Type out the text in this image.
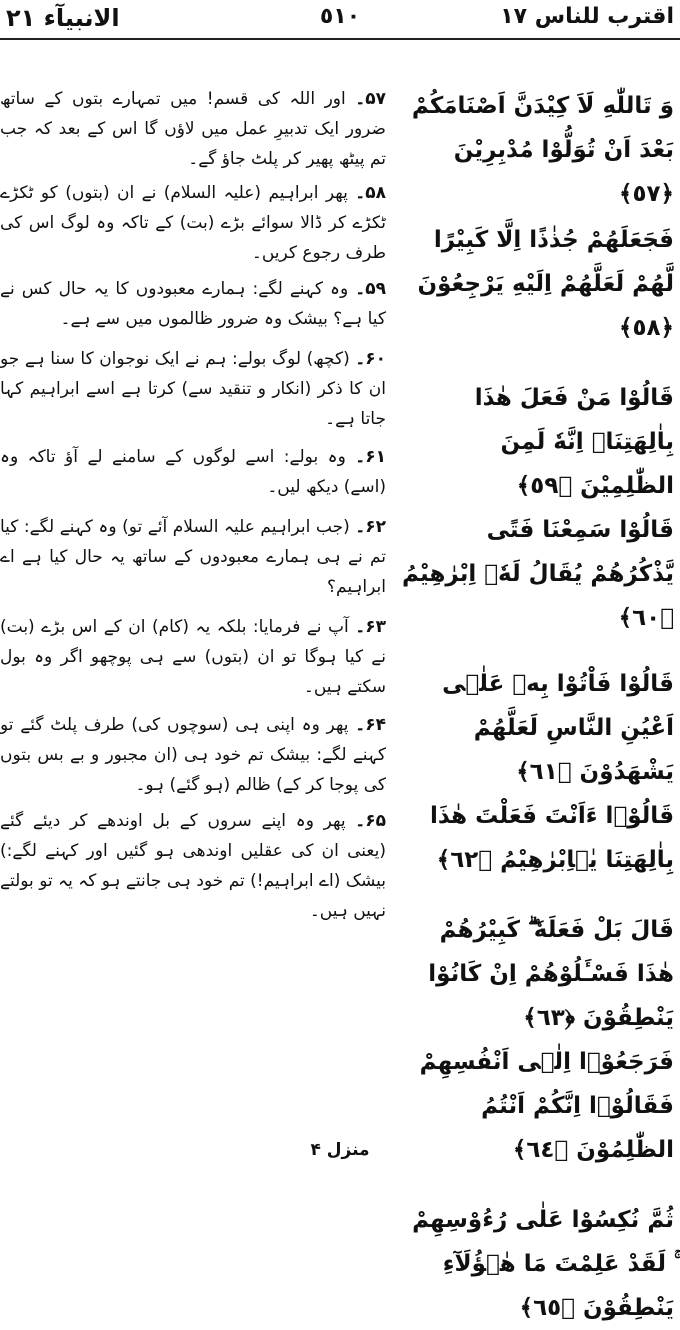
اقترب للناس ١٧
٥١٠
الانبيآء ٢١

وَ تَاللّٰهِ لَاَ كِيْدَنَّ اَصْنَامَكُمْ بَعْدَ اَنْ تُوَلُّوْا مُدْبِرِيْنَ ﴿٥٧﴾

فَجَعَلَهُمْ جُذٰذًا اِلَّا كَبِيْرًا لَّهُمْ لَعَلَّهُمْ اِلَيْهِ يَرْجِعُوْنَ ﴿٥٨﴾

قَالُوْا مَنْ فَعَلَ هٰذَا بِاٰلِهَتِنَاۤ اِنَّهٗ لَمِنَ الظّٰلِمِيْنَ ﴿٥٩﴾

قَالُوْا سَمِعْنَا فَتًى يَّذْكُرُهُمْ يُقَالُ لَهٗۤ اِبْرٰهِيْمُ ﴿٦٠﴾

قَالُوْا فَاْتُوْا بِهٖ عَلٰۤى اَعْيُنِ النَّاسِ لَعَلَّهُمْ يَشْهَدُوْنَ ﴿٦١﴾

قَالُوْۤا ءَاَنْتَ فَعَلْتَ هٰذَا بِاٰلِهَتِنَا يٰۤاِبْرٰهِيْمُ ﴿٦٢﴾

قَالَ بَلْ فَعَلَهٗ ۖۗ كَبِيْرُهُمْ هٰذَا فَسْـَٔلُوْهُمْ اِنْ كَانُوْا يَنْطِقُوْنَ ﴿٦٣﴾

فَرَجَعُوْۤا اِلٰۤى اَنْفُسِهِمْ فَقَالُوْۤا اِنَّكُمْ اَنْتُمُ الظّٰلِمُوْنَ ﴿٦٤﴾

ثُمَّ نُكِسُوْا عَلٰى رُءُوْسِهِمْ ۚ لَقَدْ عَلِمْتَ مَا هٰۤؤُلَآءِ يَنْطِقُوْنَ ﴿٦٥﴾

۵۷۔ اور اللہ کی قسم! میں تمہارے بتوں کے ساتھ ضرور ایک تدبیرِ عمل میں لاؤں گا اس کے بعد کہ جب تم پیٹھ پھیر کر پلٹ جاؤ گے۔
۵۸۔ پھر ابراہیم (علیہ السلام) نے ان (بتوں) کو ٹکڑے ٹکڑے کر ڈالا سوائے بڑے (بت) کے تاکہ وہ لوگ اس کی طرف رجوع کریں۔
۵۹۔ وہ کہنے لگے: ہمارے معبودوں کا یہ حال کس نے کیا ہے؟ بیشک وہ ضرور ظالموں میں سے ہے۔
۶۰۔ (کچھ) لوگ بولے: ہم نے ایک نوجوان کا سنا ہے جو ان کا ذکر (انکار و تنقید سے) کرتا ہے اسے ابراہیم کہا جاتا ہے۔
۶۱۔ وہ بولے: اسے لوگوں کے سامنے لے آؤ تاکہ وہ (اسے) دیکھ لیں۔
۶۲۔ (جب ابراہیم علیہ السلام آئے تو) وہ کہنے لگے: کیا تم نے ہی ہمارے معبودوں کے ساتھ یہ حال کیا ہے اے ابراہیم؟
۶۳۔ آپ نے فرمایا: بلکہ یہ (کام) ان کے اس بڑے (بت) نے کیا ہوگا تو ان (بتوں) سے ہی پوچھو اگر وہ بول سکتے ہیں۔
۶۴۔ پھر وہ اپنی ہی (سوچوں کی) طرف پلٹ گئے تو کہنے لگے: بیشک تم خود ہی (ان مجبور و بے بس بتوں کی پوجا کر کے) ظالم (ہو گئے) ہو۔
۶۵۔ پھر وہ اپنے سروں کے بل اوندھے کر دیئے گئے (یعنی ان کی عقلیں اوندھی ہو گئیں اور کہنے لگے:) بیشک (اے ابراہیم!) تم خود ہی جانتے ہو کہ یہ تو بولتے نہیں ہیں۔
منزل ۴
